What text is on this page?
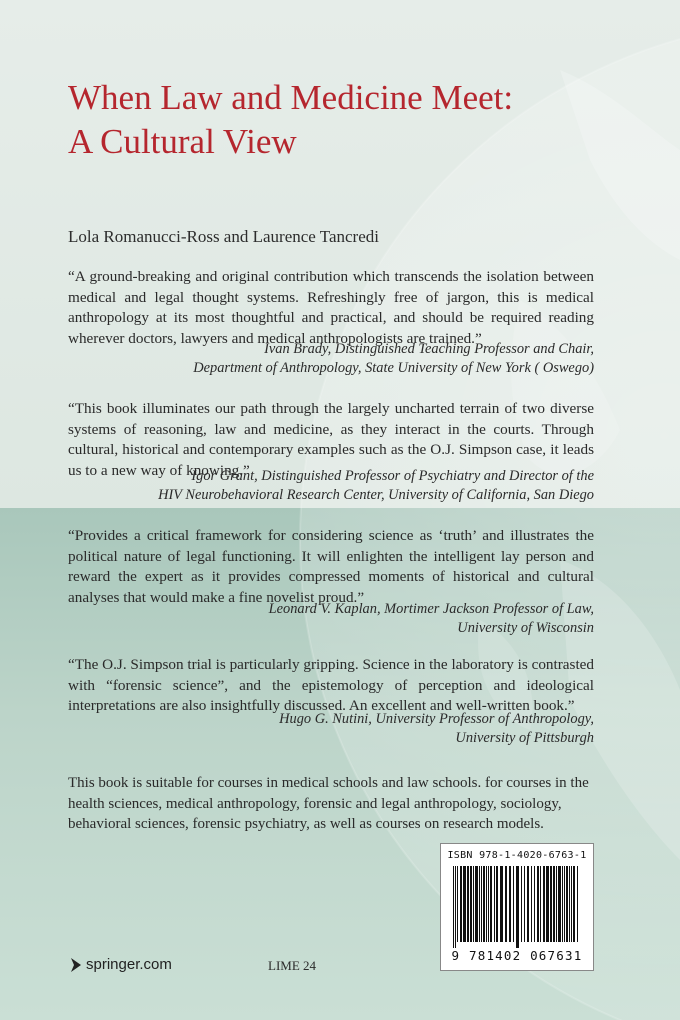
When Law and Medicine Meet:
A Cultural View
Lola Romanucci-Ross and Laurence Tancredi
“A ground-breaking and original contribution which transcends the isolation between medical and legal thought systems. Refreshingly free of jargon, this is medical anthropology at its most thoughtful and practical, and should be required reading wherever doctors, lawyers and medical anthropologists are trained.”
Ivan Brady, Distinguished Teaching Professor and Chair,
Department of Anthropology, State University of New York ( Oswego)
“This book illuminates our path through the largely uncharted terrain of two diverse systems of reasoning, law and medicine, as they interact in the courts. Through cultural, historical and contemporary examples such as the O.J. Simpson case, it leads us to a new way of knowing.”
Igor Grant, Distinguished Professor of Psychiatry and Director of the
HIV Neurobehavioral Research Center, University of California, San Diego
“Provides a critical framework for considering science as ‘truth’ and illustrates the political nature of legal functioning. It will enlighten the intelligent lay person and reward the expert as it provides compressed moments of historical and cultural analyses that would make a fine novelist proud.”
Leonard V. Kaplan, Mortimer Jackson Professor of Law,
University of Wisconsin
“The O.J. Simpson trial is particularly gripping. Science in the laboratory is contrasted with “forensic science”, and the epistemology of perception and ideological interpretations are also insightfully discussed. An excellent and well-written book.”
Hugo G. Nutini, University Professor of Anthropology,
University of Pittsburgh
This book is suitable for courses in medical schools and law schools. for courses in the health sciences, medical anthropology, forensic and legal anthropology, sociology, behavioral sciences, forensic psychiatry, as well as courses on research models.
ISBN 978-1-4020-6763-1
9 781402 067631
springer.com	LIME 24
